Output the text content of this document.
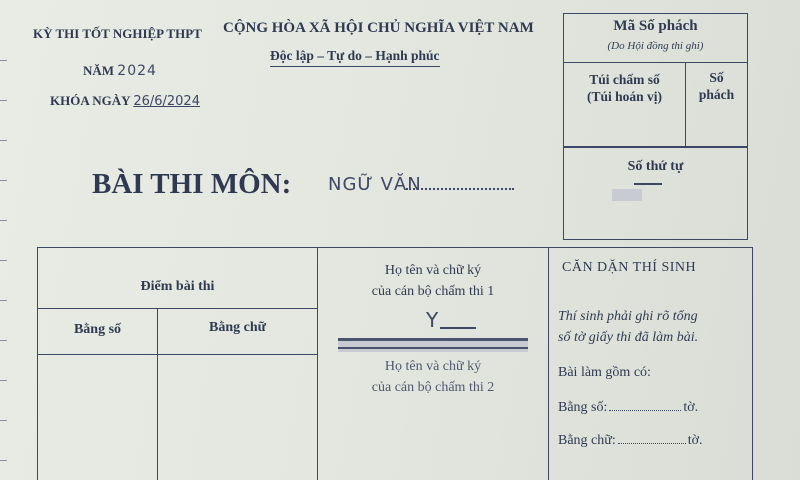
KỲ THI TỐT NGHIỆP THPT
NĂM 2024
KHÓA NGÀY 26/6/2024
CỘNG HÒA XÃ HỘI CHỦ NGHĨA VIỆT NAM
Độc lập – Tự do – Hạnh phúc
Mã Số phách
(Do Hội đồng thi ghi)
Túi chấm số
(Túi hoán vị)
Số
phách
Số thứ tự
BÀI THI MÔN: NGỮ VĂN
Điểm bài thi
Bằng số	Bằng chữ
Họ tên và chữ ký
của cán bộ chấm thi 1
Y
Họ tên và chữ ký
của cán bộ chấm thi 2
CĂN DẶN THÍ SINH
Thí sinh phải ghi rõ tổng
số tờ giấy thi đã làm bài.
Bài làm gồm có:
Bằng số:	tờ.
Bằng chữ:	tờ.
